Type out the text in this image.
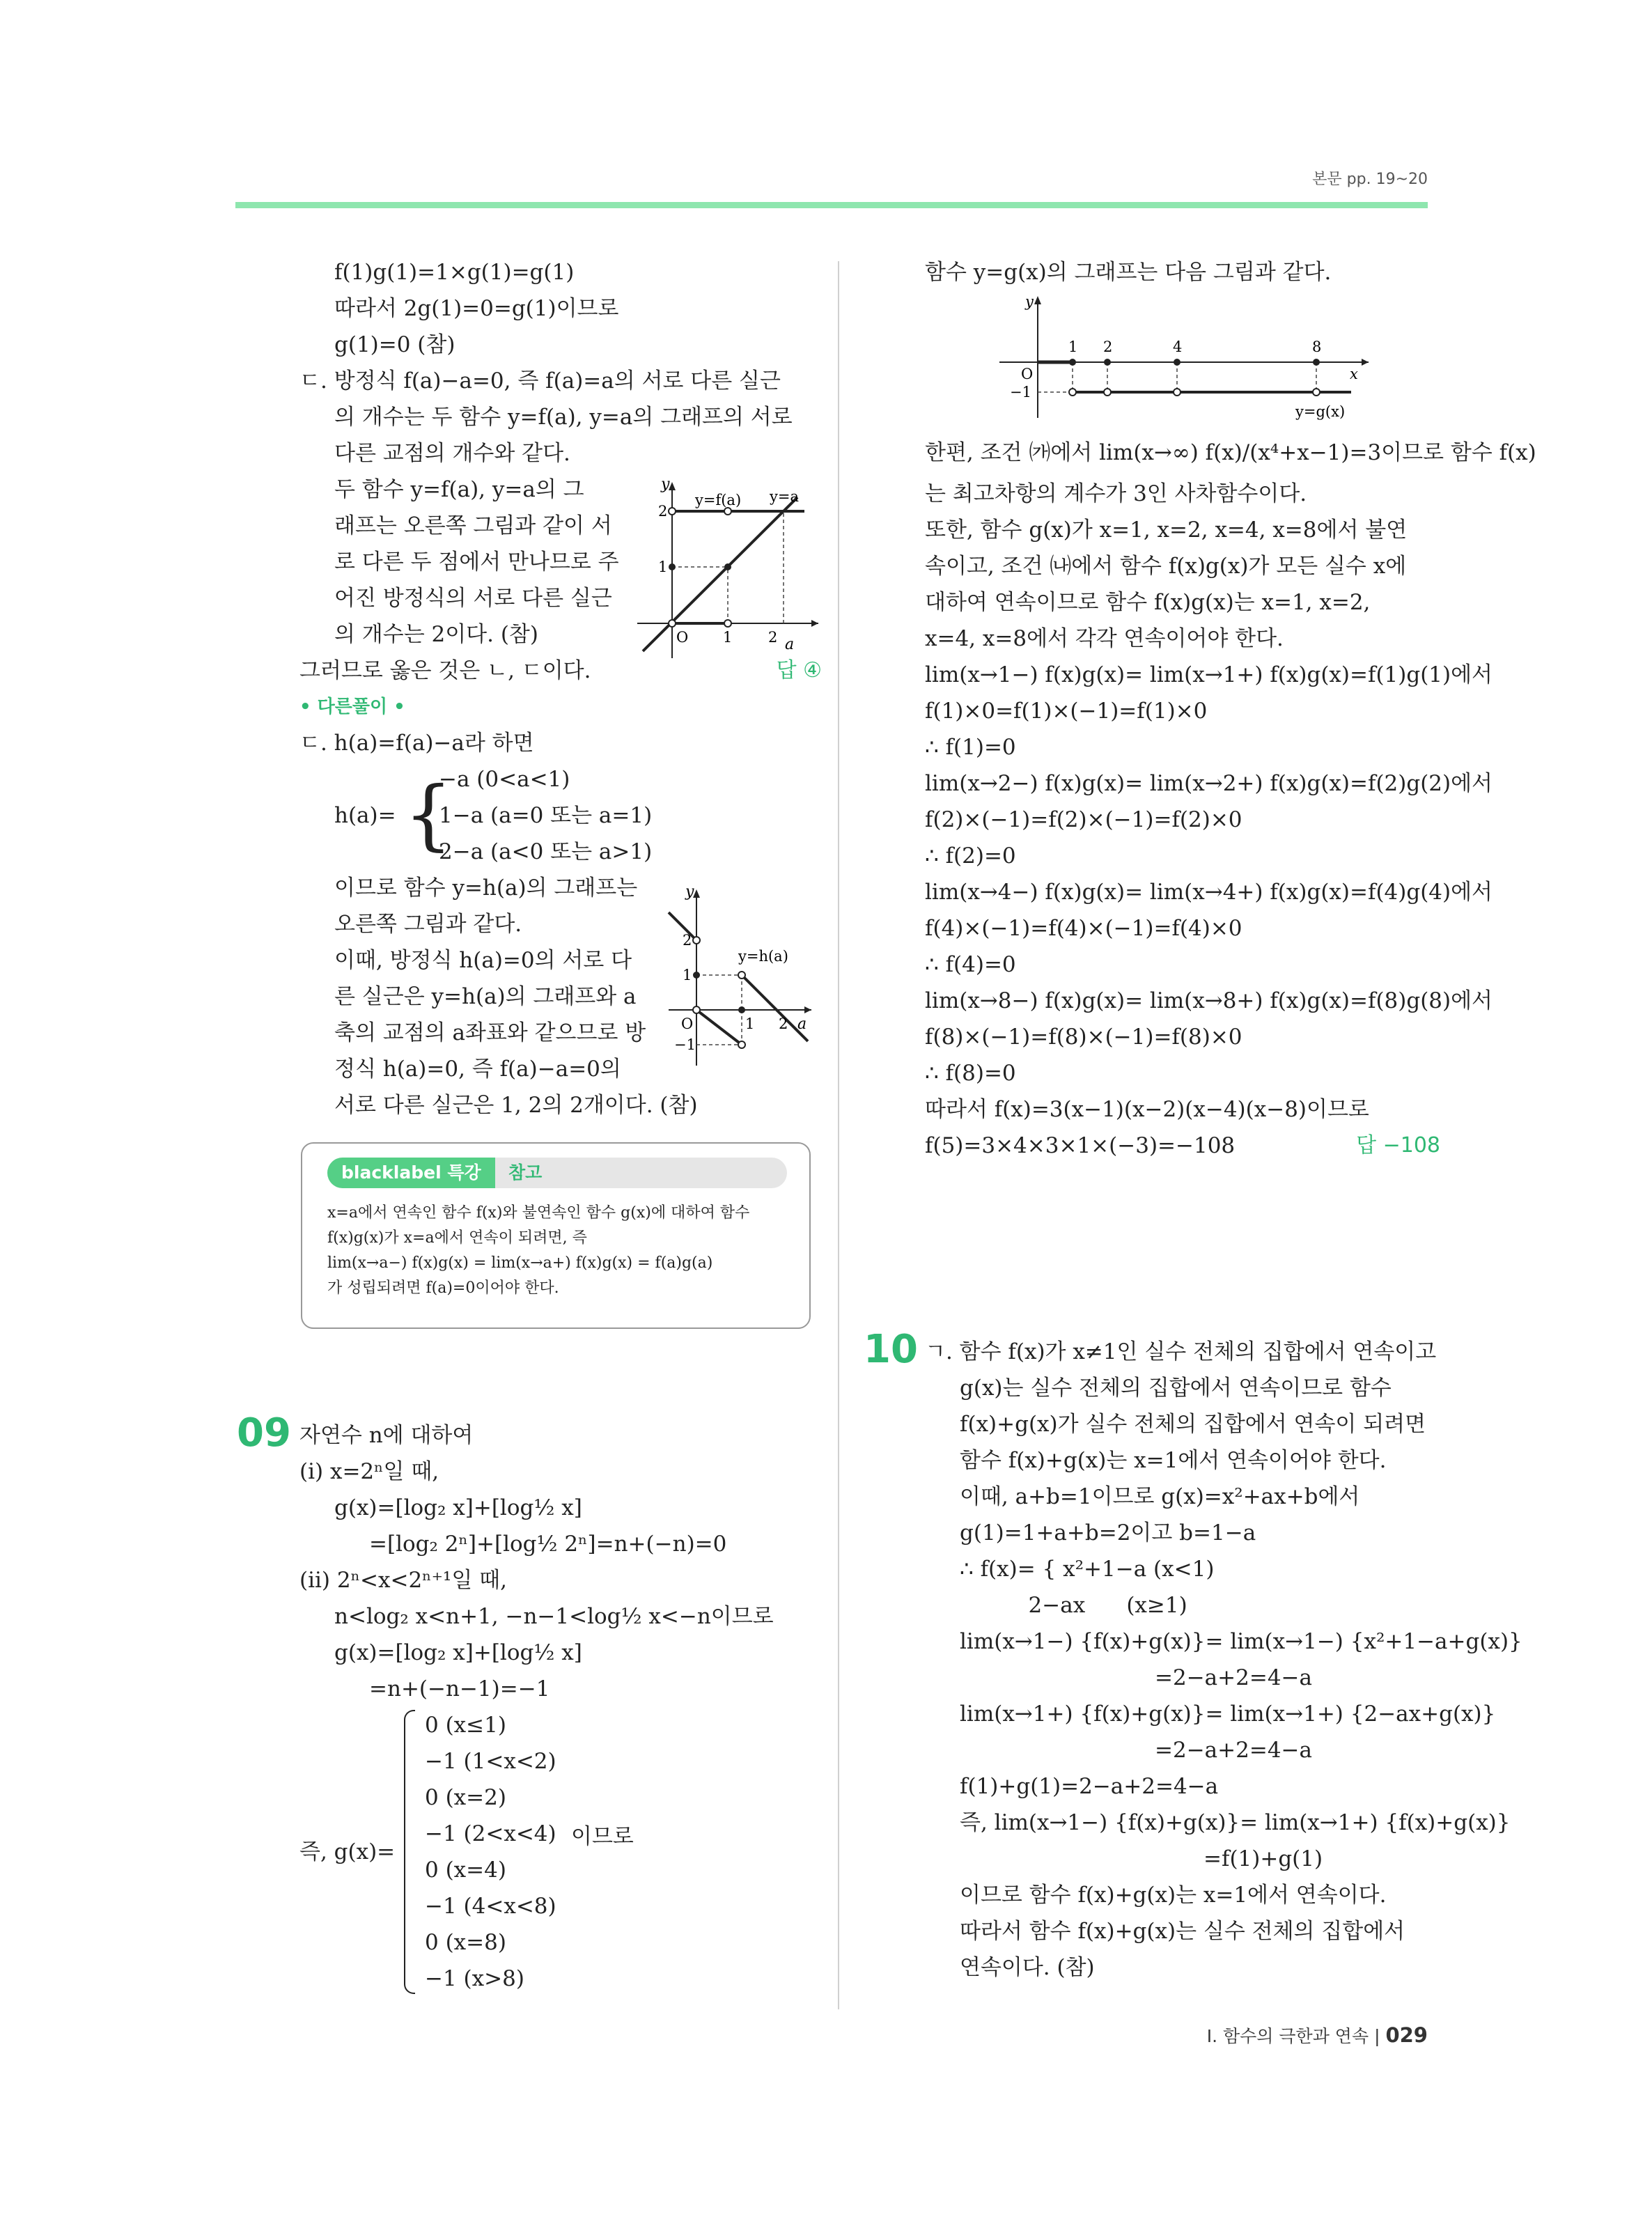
본문 pp. 19~20
f(1)g(1)=1×g(1)=g(1)
따라서 2g(1)=0=g(1)이므로
g(1)=0 (참)
ㄷ. 방정식 f(a)−a=0, 즉 f(a)=a의 서로 다른 실근
의 개수는 두 함수 y=f(a), y=a의 그래프의 서로
다른 교점의 개수와 같다.
두 함수 y=f(a), y=a의 그
래프는 오른쪽 그림과 같이 서
로 다른 두 점에서 만나므로 주
어진 방정식의 서로 다른 실근
의 개수는 2이다. (참)
그러므로 옳은 것은 ㄴ, ㄷ이다.	답 ④
• 다른풀이 •
ㄷ. h(a)=f(a)−a라 하면
h(a)= {
−a (0<a<1)
1−a (a=0 또는 a=1)
2−a (a<0 또는 a>1)
이므로 함수 y=h(a)의 그래프는
오른쪽 그림과 같다.
이때, 방정식 h(a)=0의 서로 다
른 실근은 y=h(a)의 그래프와 a
축의 교점의 a좌표와 같으므로 방
정식 h(a)=0, 즉 f(a)−a=0의
서로 다른 실근은 1, 2의 2개이다. (참)
y
a
y=f(a) y=a
2
1
O 1 2
y
a
y=h(a)
2
1
−1
O	1 2
blacklabel 특강	참고
x=a에서 연속인 함수 f(x)와 불연속인 함수 g(x)에 대하여 함수
f(x)g(x)가 x=a에서 연속이 되려면, 즉
lim(x→a−) f(x)g(x) = lim(x→a+) f(x)g(x) = f(a)g(a)
가 성립되려면 f(a)=0이어야 한다.
09 자연수 n에 대하여
(i) x=2ⁿ일 때,
g(x)=[log₂ x]+[log½ x]
=[log₂ 2ⁿ]+[log½ 2ⁿ]=n+(−n)=0
(ii) 2ⁿ<x<2ⁿ⁺¹일 때,
n<log₂ x<n+1, −n−1<log½ x<−n이므로
g(x)=[log₂ x]+[log½ x]
=n+(−n−1)=−1
즉, g(x)=
0 (x≤1)
−1 (1<x<2)
0 (x=2)
−1 (2<x<4)
0 (x=4)
−1 (4<x<8)
0 (x=8)
−1 (x>8)
이므로
함수 y=g(x)의 그래프는 다음 그림과 같다.
한편, 조건 ㈎에서 lim(x→∞) f(x)/(x⁴+x−1)=3이므로 함수 f(x)
는 최고차항의 계수가 3인 사차함수이다.
또한, 함수 g(x)가 x=1, x=2, x=4, x=8에서 불연
속이고, 조건 ㈏에서 함수 f(x)g(x)가 모든 실수 x에
대하여 연속이므로 함수 f(x)g(x)는 x=1, x=2,
x=4, x=8에서 각각 연속이어야 한다.
lim(x→1−) f(x)g(x)= lim(x→1+) f(x)g(x)=f(1)g(1)에서
f(1)×0=f(1)×(−1)=f(1)×0
∴ f(1)=0
lim(x→2−) f(x)g(x)= lim(x→2+) f(x)g(x)=f(2)g(2)에서
f(2)×(−1)=f(2)×(−1)=f(2)×0
∴ f(2)=0
lim(x→4−) f(x)g(x)= lim(x→4+) f(x)g(x)=f(4)g(4)에서
f(4)×(−1)=f(4)×(−1)=f(4)×0
∴ f(4)=0
lim(x→8−) f(x)g(x)= lim(x→8+) f(x)g(x)=f(8)g(8)에서
f(8)×(−1)=f(8)×(−1)=f(8)×0
∴ f(8)=0
따라서 f(x)=3(x−1)(x−2)(x−4)(x−8)이므로
f(5)=3×4×3×1×(−3)=−108	답 −108
y
x
O
−1
1 2	4	8
y=g(x)
10 ㄱ. 함수 f(x)가 x≠1인 실수 전체의 집합에서 연속이고
g(x)는 실수 전체의 집합에서 연속이므로 함수
f(x)+g(x)가 실수 전체의 집합에서 연속이 되려면
함수 f(x)+g(x)는 x=1에서 연속이어야 한다.
이때, a+b=1이므로 g(x)=x²+ax+b에서
g(1)=1+a+b=2이고 b=1−a
∴ f(x)= { x²+1−a (x<1)
2−ax      (x≥1)
lim(x→1−) {f(x)+g(x)}= lim(x→1−) {x²+1−a+g(x)}
=2−a+2=4−a
lim(x→1+) {f(x)+g(x)}= lim(x→1+) {2−ax+g(x)}
=2−a+2=4−a
f(1)+g(1)=2−a+2=4−a
즉, lim(x→1−) {f(x)+g(x)}= lim(x→1+) {f(x)+g(x)}
=f(1)+g(1)
이므로 함수 f(x)+g(x)는 x=1에서 연속이다.
따라서 함수 f(x)+g(x)는 실수 전체의 집합에서
연속이다. (참)
Ⅰ. 함수의 극한과 연속 | 029
